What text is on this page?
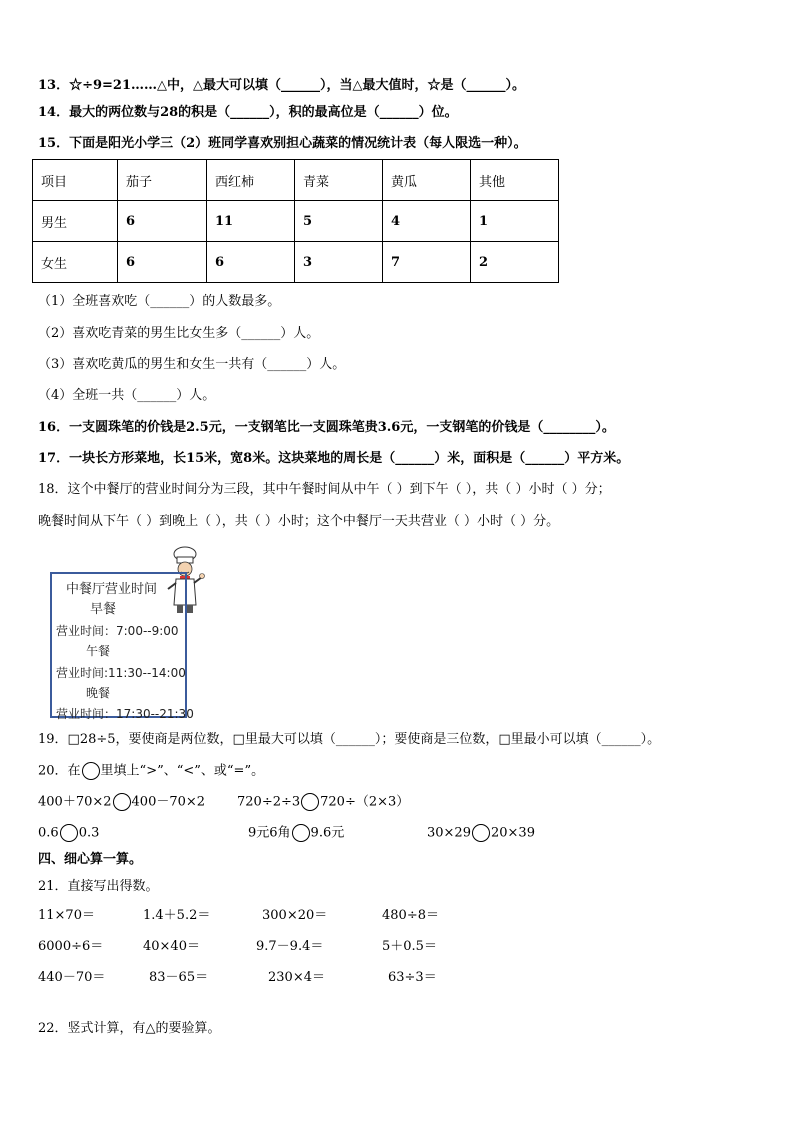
13．☆÷9=21……△中，△最大可以填（______），当△最大值时，☆是（______）。
14．最大的两位数与28的积是（______），积的最高位是（______）位。
15．下面是阳光小学三（2）班同学喜欢别担心蔬菜的情况统计表（每人限选一种）。
项目	茄子	西红柿	青菜	黄瓜	其他
男生	6	11	5	4	1
女生	6	6	3	7	2
（1）全班喜欢吃（______）的人数最多。
（2）喜欢吃青菜的男生比女生多（______）人。
（3）喜欢吃黄瓜的男生和女生一共有（______）人。
（4）全班一共（______）人。
16．一支圆珠笔的价钱是2.5元，一支钢笔比一支圆珠笔贵3.6元，一支钢笔的价钱是（________）。
17．一块长方形菜地，长15米，宽8米。这块菜地的周长是（______）米，面积是（______）平方米。
18．这个中餐厅的营业时间分为三段，其中午餐时间从中午（ ）到下午（ ），共（ ）小时（ ）分；
晚餐时间从下午（ ）到晚上（ ），共（ ）小时；这个中餐厅一天共营业（ ）小时（ ）分。
中餐厅营业时间
早餐
营业时间：7:00--9:00
午餐
营业时间:11:30--14:00
晚餐
营业时间：17:30--21:30
19．□28÷5，要使商是两位数，□里最大可以填（______）；要使商是三位数，□里最小可以填（______）。
20．在 里填上“>”、“<”、或“=”。
400＋70×2 400－70×2 720÷2÷3 720÷（2×3）
0.6 0.3	9元6角 9.6元	30×29 20×39
四、细心算一算。
21．直接写出得数。
11×70＝	1.4＋5.2＝	300×20＝	480÷8＝
6000÷6＝	40×40＝	9.7－9.4＝	5＋0.5＝
440－70＝	83－65＝	230×4＝	63÷3＝
22．竖式计算，有△的要验算。
